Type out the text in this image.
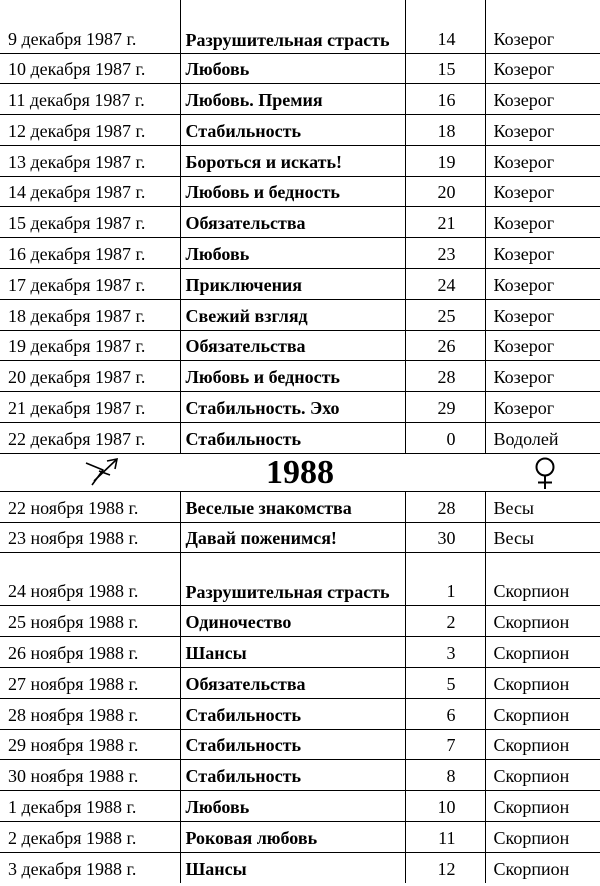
9 декабря 1987 г.	Разрушительная страсть	14	Козерог
10 декабря 1987 г.	Любовь	15	Козерог
11 декабря 1987 г.	Любовь. Премия	16	Козерог
12 декабря 1987 г.	Стабильность	18	Козерог
13 декабря 1987 г.	Бороться и искать!	19	Козерог
14 декабря 1987 г.	Любовь и бедность	20	Козерог
15 декабря 1987 г.	Обязательства	21	Козерог
16 декабря 1987 г.	Любовь	23	Козерог
17 декабря 1987 г.	Приключения	24	Козерог
18 декабря 1987 г.	Свежий взгляд	25	Козерог
19 декабря 1987 г.	Обязательства	26	Козерог
20 декабря 1987 г.	Любовь и бедность	28	Козерог
21 декабря 1987 г.	Стабильность. Эхо	29	Козерог
22 декабря 1987 г.	Стабильность	0	Водолей
1988
22 ноября 1988 г.	Веселые знакомства	28	Весы
23 ноября 1988 г.	Давай поженимся!	30	Весы
24 ноября 1988 г.	Разрушительная страсть	1	Скорпион
25 ноября 1988 г.	Одиночество	2	Скорпион
26 ноября 1988 г.	Шансы	3	Скорпион
27 ноября 1988 г.	Обязательства	5	Скорпион
28 ноября 1988 г.	Стабильность	6	Скорпион
29 ноября 1988 г.	Стабильность	7	Скорпион
30 ноября 1988 г.	Стабильность	8	Скорпион
1 декабря 1988 г.	Любовь	10	Скорпион
2 декабря 1988 г.	Роковая любовь	11	Скорпион
3 декабря 1988 г.	Шансы	12	Скорпион
